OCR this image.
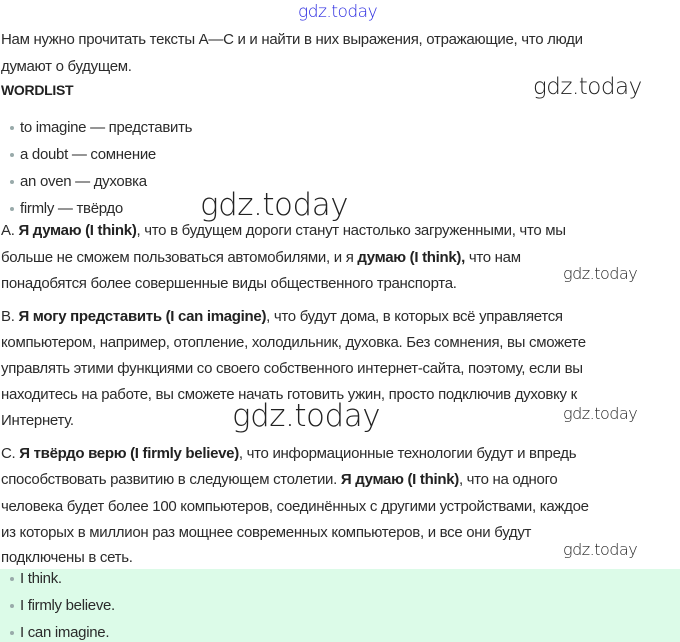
gdz.today
Нам нужно прочитать тексты A—C и и найти в них выражения, отражающие, что люди
думают о будущем.
WORDLIST
to imagine — представить
a doubt — сомнение
an oven — духовка
firmly — твёрдо
A. Я думаю (I think), что в будущем дороги станут настолько загруженными, что мы
больше не сможем пользоваться автомобилями, и я думаю (I think), что нам
понадобятся более совершенные виды общественного транспорта.
B. Я могу представить (I can imagine), что будут дома, в которых всё управляется
компьютером, например, отопление, холодильник, духовка. Без сомнения, вы сможете
управлять этими функциями со своего собственного интернет-сайта, поэтому, если вы
находитесь на работе, вы сможете начать готовить ужин, просто подключив духовку к
Интернету.
C. Я твёрдо верю (I firmly believe), что информационные технологии будут и впредь
способствовать развитию в следующем столетии. Я думаю (I think), что на одного
человека будет более 100 компьютеров, соединённых с другими устройствами, каждое
из которых в миллион раз мощнее современных компьютеров, и все они будут
подключены в сеть.
I think.
I firmly believe.
I can imagine.
gdz.today
gdz.today
gdz.today
gdz.today	gdz.today
gdz.today
